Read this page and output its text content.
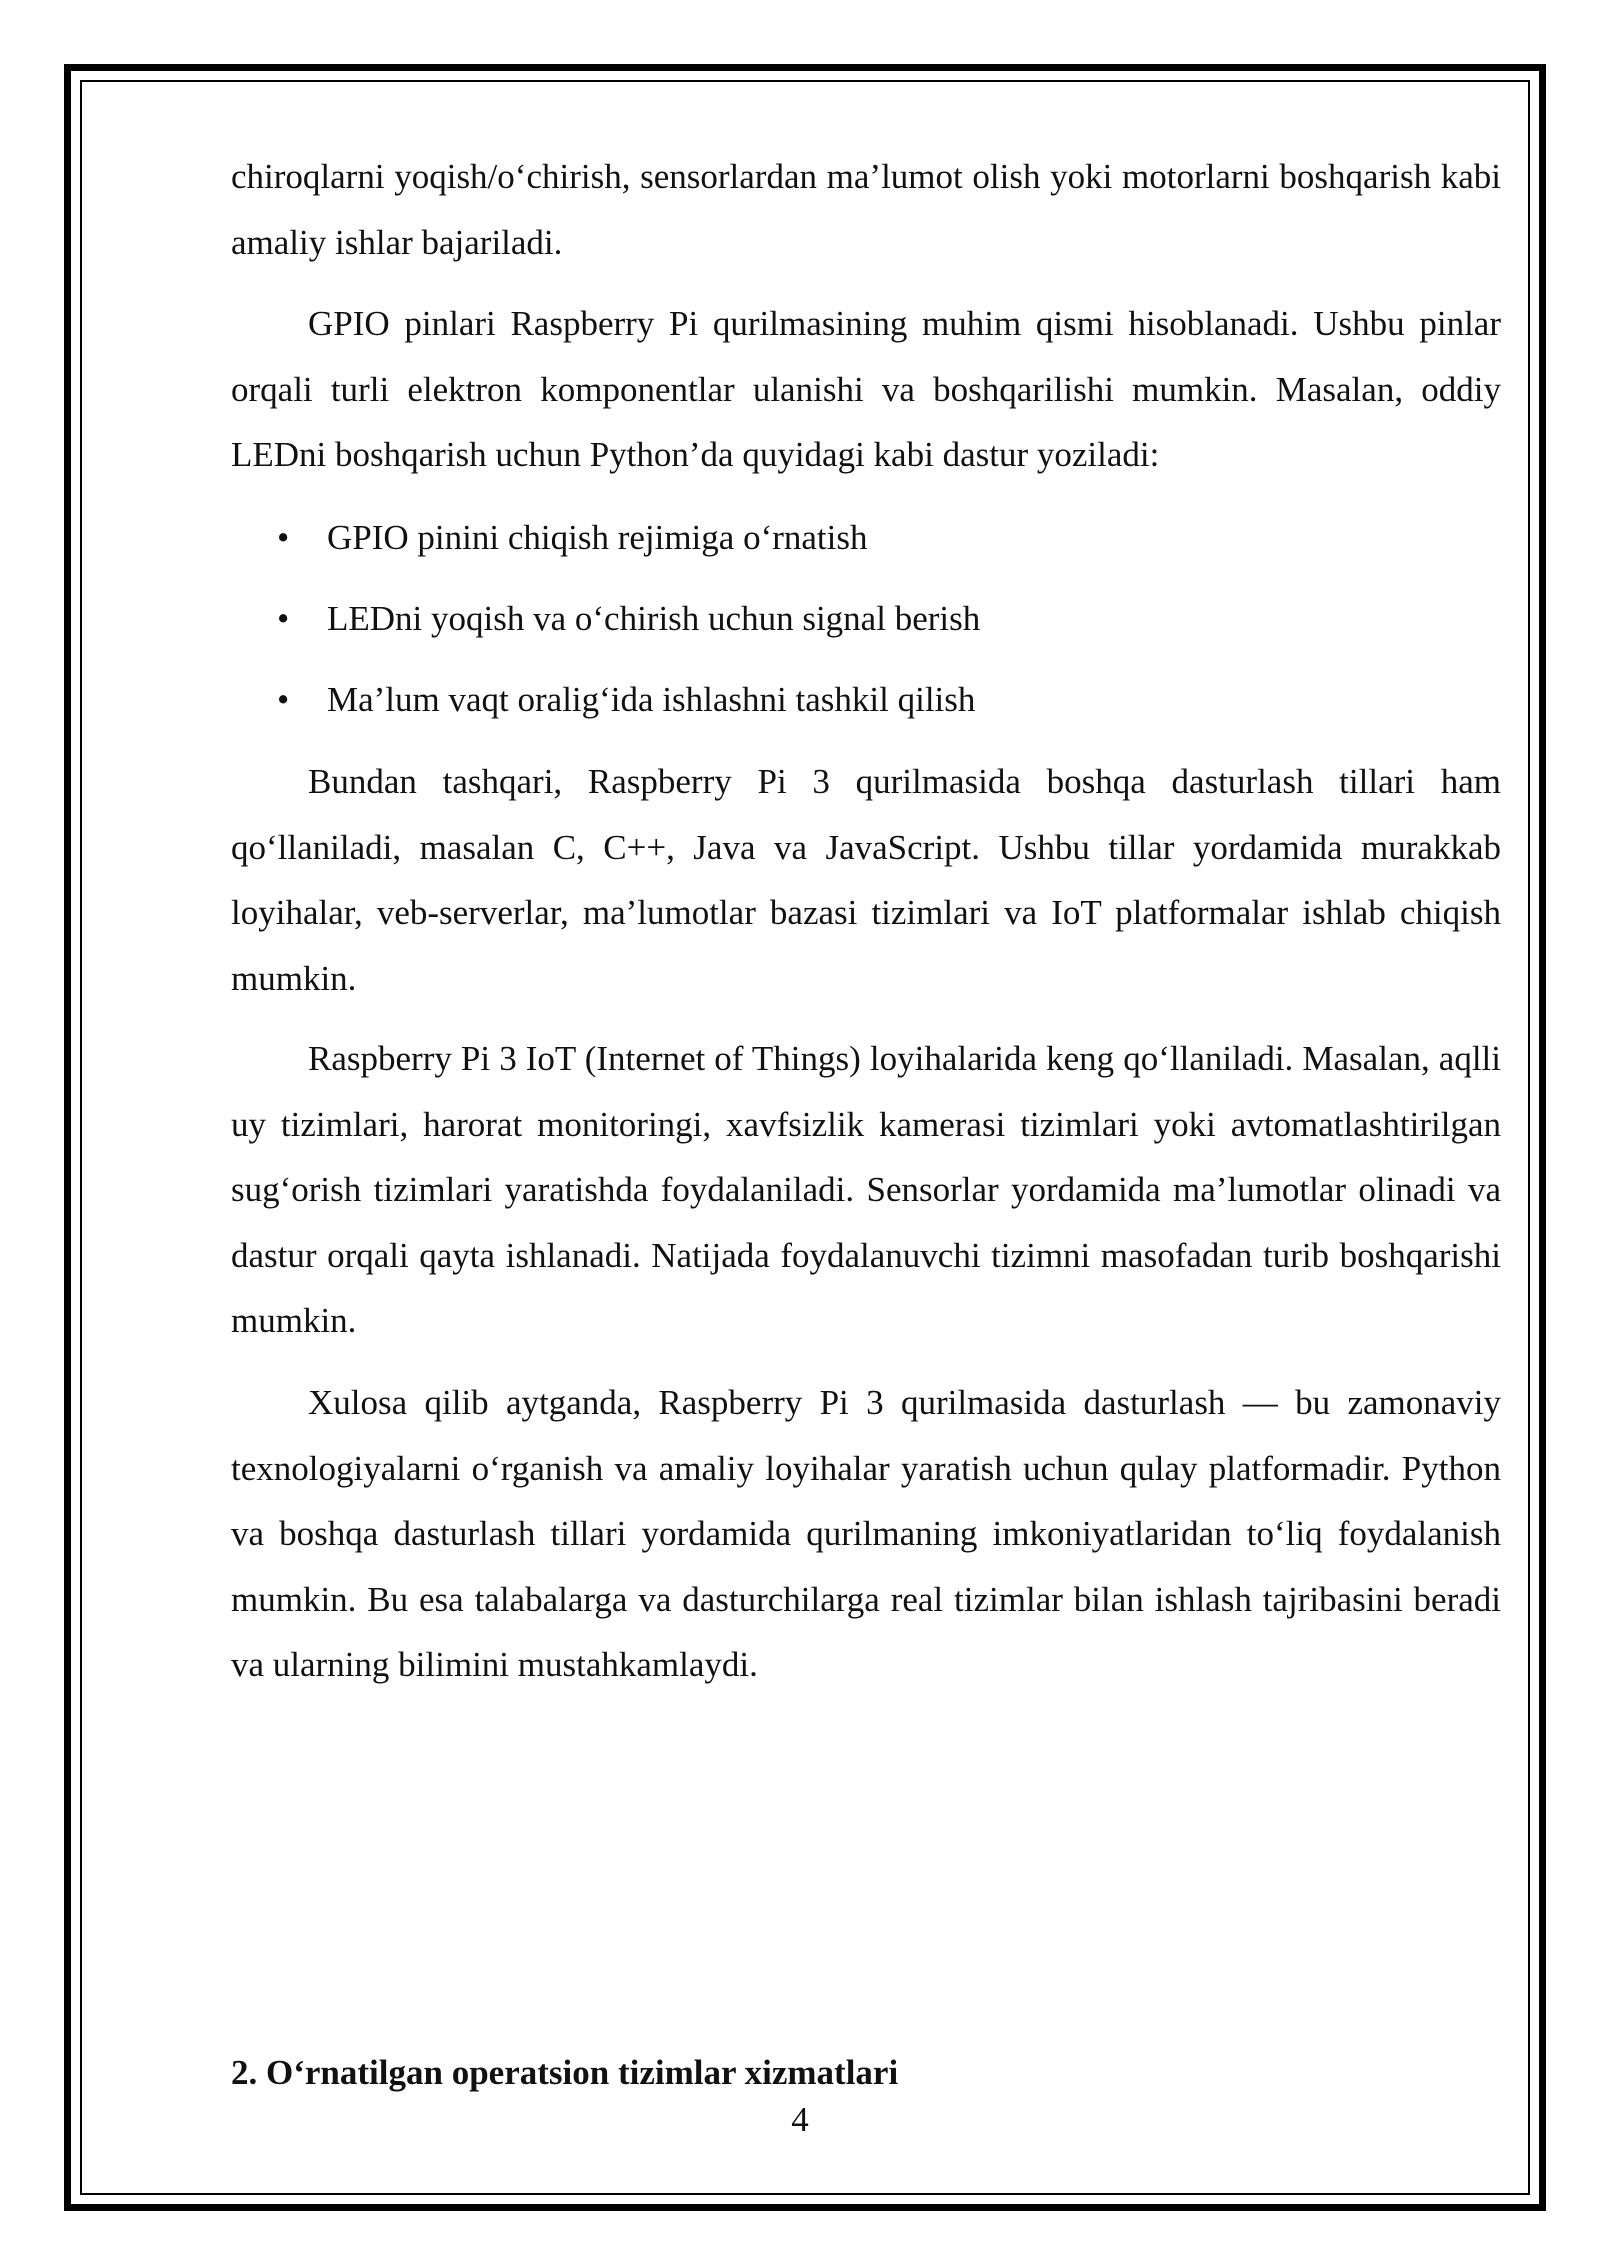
chiroqlarni yoqish/o‘chirish, sensorlardan ma’lumot olish yoki motorlarni boshqarish kabi amaliy ishlar bajariladi.

GPIO pinlari Raspberry Pi qurilmasining muhim qismi hisoblanadi. Ushbu pinlar orqali turli elektron komponentlar ulanishi va boshqarilishi mumkin. Masalan, oddiy LEDni boshqarish uchun Python’da quyidagi kabi dastur yoziladi:

• GPIO pinini chiqish rejimiga o‘rnatish
• LEDni yoqish va o‘chirish uchun signal berish
• Ma’lum vaqt oralig‘ida ishlashni tashkil qilish

Bundan tashqari, Raspberry Pi 3 qurilmasida boshqa dasturlash tillari ham qo‘llaniladi, masalan C, C++, Java va JavaScript. Ushbu tillar yordamida murakkab loyihalar, veb-serverlar, ma’lumotlar bazasi tizimlari va IoT platformalar ishlab chiqish mumkin.

Raspberry Pi 3 IoT (Internet of Things) loyihalarida keng qo‘llaniladi. Masalan, aqlli uy tizimlari, harorat monitoringi, xavfsizlik kamerasi tizimlari yoki avtomatlashtirilgan sug‘orish tizimlari yaratishda foydalaniladi. Sensorlar yordamida ma’lumotlar olinadi va dastur orqali qayta ishlanadi. Natijada foydalanuvchi tizimni masofadan turib boshqarishi mumkin.

Xulosa qilib aytganda, Raspberry Pi 3 qurilmasida dasturlash — bu zamonaviy texnologiyalarni o‘rganish va amaliy loyihalar yaratish uchun qulay platformadir. Python va boshqa dasturlash tillari yordamida qurilmaning imkoniyatlaridan to‘liq foydalanish mumkin. Bu esa talabalarga va dasturchilarga real tizimlar bilan ishlash tajribasini beradi va ularning bilimini mustahkamlaydi.

2. O‘rnatilgan operatsion tizimlar xizmatlari
4
